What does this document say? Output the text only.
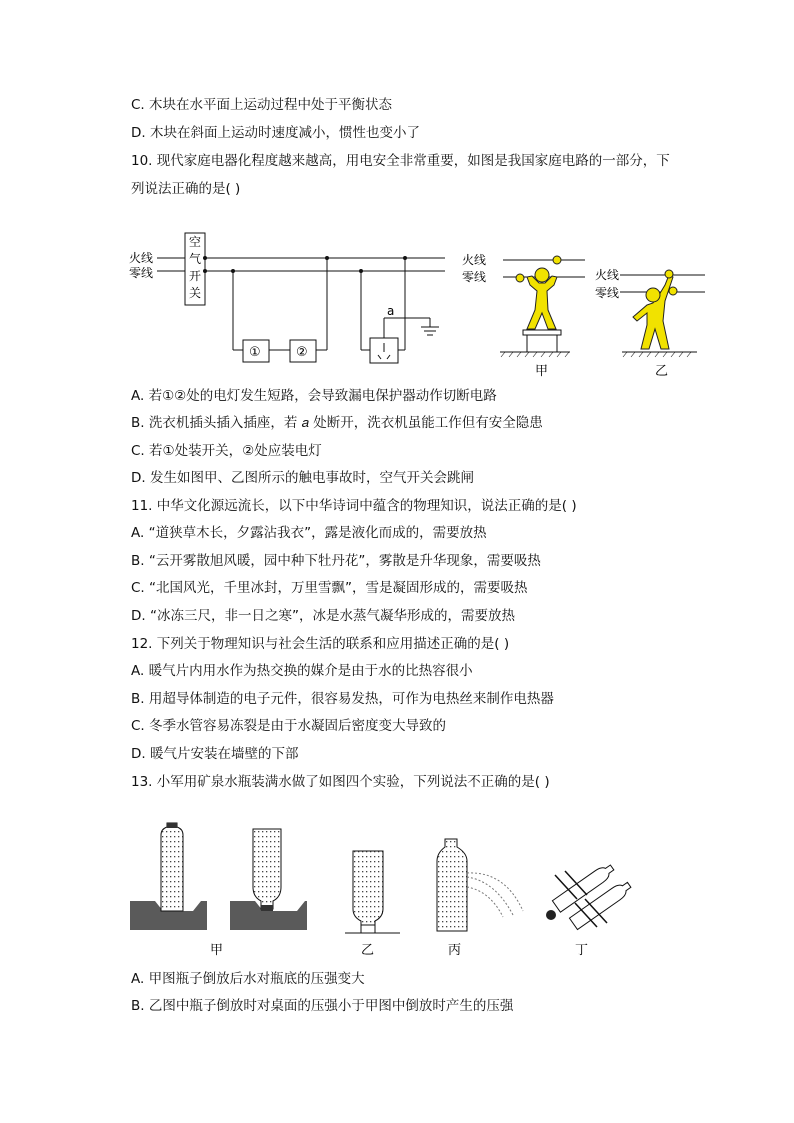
C. 木块在水平面上运动过程中处于平衡状态
D. 木块在斜面上运动时速度减小，惯性也变小了
10. 现代家庭电器化程度越来越高，用电安全非常重要，如图是我国家庭电路的一部分，下
列说法正确的是( )
火线
零线
空
气
开
关
①	②
a
火线
零线
甲
火线
零线
乙
A. 若①②处的电灯发生短路，会导致漏电保护器动作切断电路
B. 洗衣机插头插入插座，若 𝑎 处断开，洗衣机虽能工作但有安全隐患
C. 若①处装开关，②处应装电灯
D. 发生如图甲、乙图所示的触电事故时，空气开关会跳闸
11. 中华文化源远流长，以下中华诗词中蕴含的物理知识，说法正确的是( )
A. “道狭草木长，夕露沾我衣”，露是液化而成的，需要放热
B. “云开雾散旭风暖，园中种下牡丹花”，雾散是升华现象，需要吸热
C. “北国风光，千里冰封，万里雪飘”，雪是凝固形成的，需要吸热
D. “冰冻三尺，非一日之寒”，冰是水蒸气凝华形成的，需要放热
12. 下列关于物理知识与社会生活的联系和应用描述正确的是( )
A. 暖气片内用水作为热交换的媒介是由于水的比热容很小
B. 用超导体制造的电子元件，很容易发热，可作为电热丝来制作电热器
C. 冬季水管容易冻裂是由于水凝固后密度变大导致的
D. 暖气片安装在墙壁的下部
13. 小军用矿泉水瓶装满水做了如图四个实验，下列说法不正确的是( )
甲	乙	丙	丁
A. 甲图瓶子倒放后水对瓶底的压强变大
B. 乙图中瓶子倒放时对桌面的压强小于甲图中倒放时产生的压强
